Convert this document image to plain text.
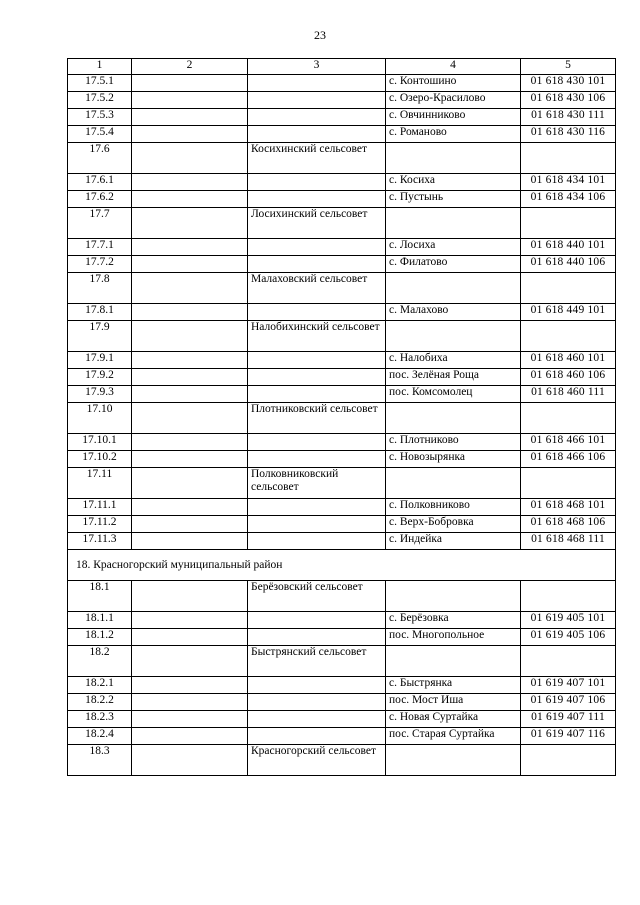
23
1	2	3	4	5
17.5.1			с. Контошино	01 618 430 101
17.5.2			с. Озеро-Красилово	01 618 430 106
17.5.3			с. Овчинниково	01 618 430 111
17.5.4			с. Романово	01 618 430 116
17.6		Косихинский сельсовет		
17.6.1			с. Косиха	01 618 434 101
17.6.2			с. Пустынь	01 618 434 106
17.7		Лосихинский сельсовет		
17.7.1			с. Лосиха	01 618 440 101
17.7.2			с. Филатово	01 618 440 106
17.8		Малаховский сельсовет		
17.8.1			с. Малахово	01 618 449 101
17.9		Налобихинский сельсовет		
17.9.1			с. Налобиха	01 618 460 101
17.9.2			пос. Зелёная Роща	01 618 460 106
17.9.3			пос. Комсомолец	01 618 460 111
17.10		Плотниковский сельсовет		
17.10.1			с. Плотниково	01 618 466 101
17.10.2			с. Новозырянка	01 618 466 106
17.11		Полковниковский сельсовет		
17.11.1			с. Полковниково	01 618 468 101
17.11.2			с. Верх-Бобровка	01 618 468 106
17.11.3			с. Индейка	01 618 468 111
18. Красногорский муниципальный район				
18.1		Берёзовский сельсовет		
18.1.1			с. Берёзовка	01 619 405 101
18.1.2			пос. Многопольное	01 619 405 106
18.2		Быстрянский сельсовет		
18.2.1			с. Быстрянка	01 619 407 101
18.2.2			пос. Мост Иша	01 619 407 106
18.2.3			с. Новая Суртайка	01 619 407 111
18.2.4			пос. Старая Суртайка	01 619 407 116
18.3		Красногорский сельсовет		
